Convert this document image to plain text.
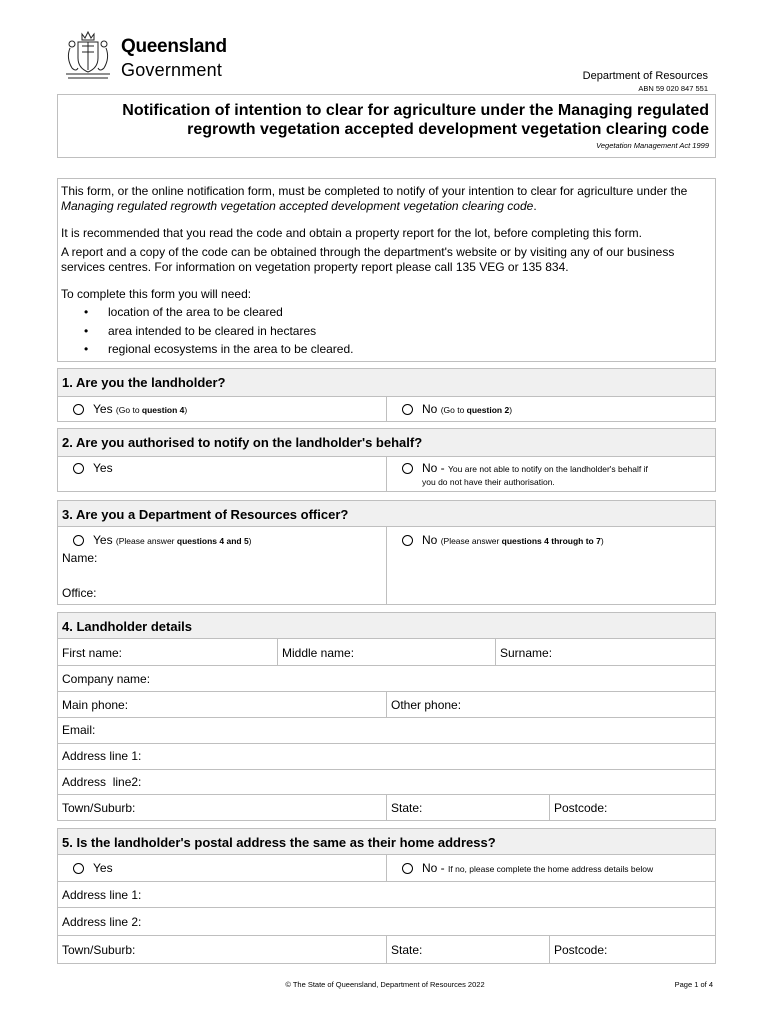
Queensland
Government	Department of Resources
ABN 59 020 847 551
Notification of intention to clear for agriculture under the Managing regulated regrowth vegetation accepted development vegetation clearing code
Vegetation Management Act 1999

This form, or the online notification form, must be completed to notify of your intention to clear for agriculture under the Managing regulated regrowth vegetation accepted development vegetation clearing code.

It is recommended that you read the code and obtain a property report for the lot, before completing this form.

A report and a copy of the code can be obtained through the department's website or by visiting any of our business services centres. For information on vegetation property report please call 135 VEG or 135 834.

To complete this form you will need:

• location of the area to be cleared
• area intended to be cleared in hectares
• regional ecosystems in the area to be cleared.
1. Are you the landholder?
Yes (Go to question 4)	No (Go to question 2)
2. Are you authorised to notify on the landholder's behalf?
Yes	No - You are not able to notify on the landholder's behalf if
you do not have their authorisation.
3. Are you a Department of Resources officer?
Yes (Please answer questions 4 and 5)
Name:
Office:
No (Please answer questions 4 through to 7)
4. Landholder details
First name:	Middle name:	Surname:
Company name:
Main phone:	Other phone:
Email:
Address line 1:
Address  line2:
Town/Suburb:	State:	Postcode:
5. Is the landholder's postal address the same as their home address?
Yes	No - If no, please complete the home address details below
Address line 1:
Address line 2:
Town/Suburb:	State:	Postcode:
© The State of Queensland, Department of Resources 2022	Page 1 of 4
